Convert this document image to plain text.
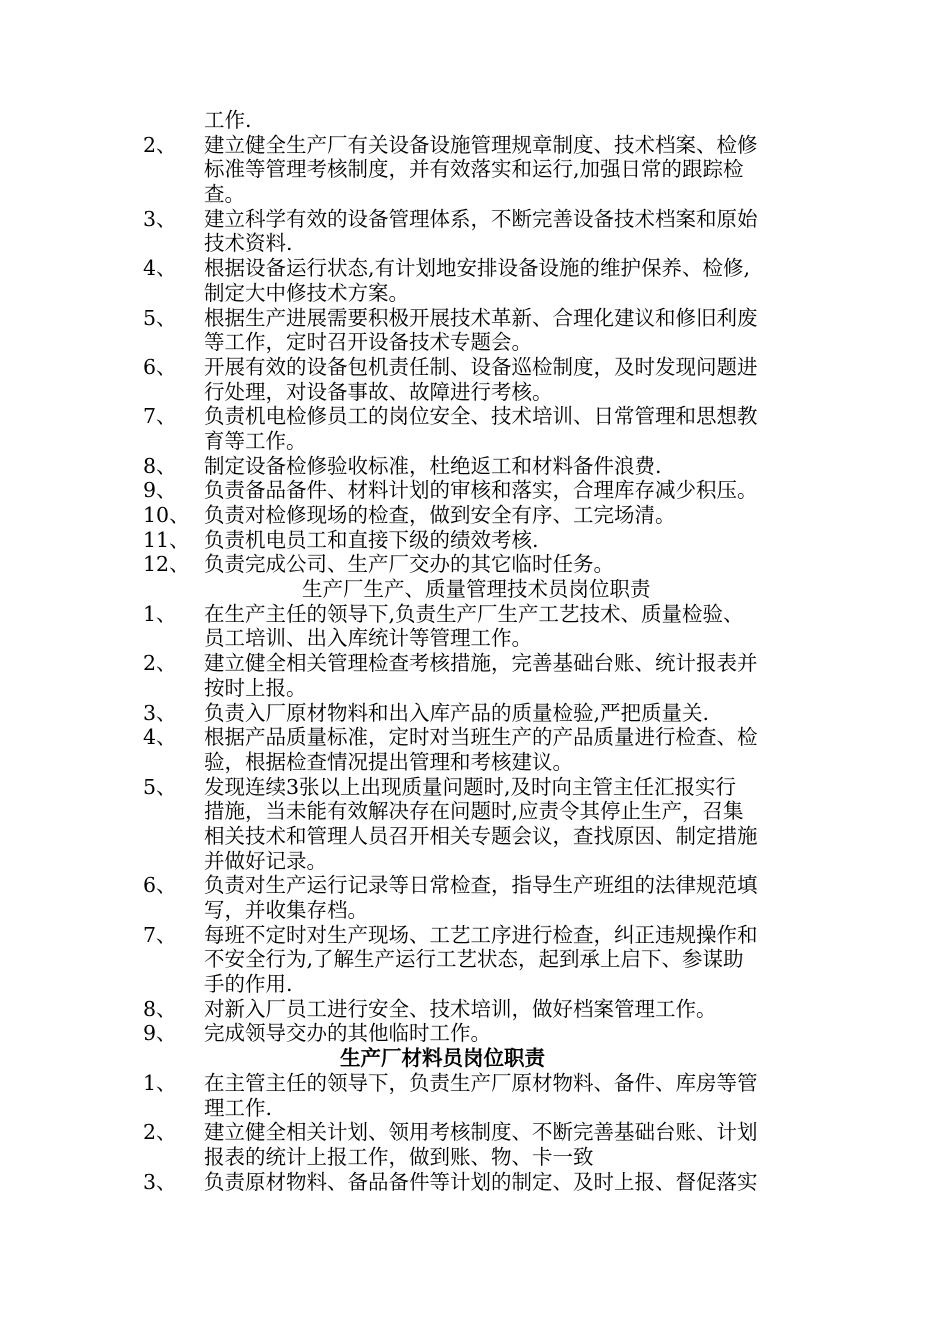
工作.
2、 建立健全生产厂有关设备设施管理规章制度、技术档案、检修
标准等管理考核制度，并有效落实和运行,加强日常的跟踪检
查。
3、 建立科学有效的设备管理体系，不断完善设备技术档案和原始
技术资料.
4、 根据设备运行状态,有计划地安排设备设施的维护保养、检修,
制定大中修技术方案。
5、 根据生产进展需要积极开展技术革新、合理化建议和修旧利废
等工作，定时召开设备技术专题会。
6、 开展有效的设备包机责任制、设备巡检制度，及时发现问题进
行处理，对设备事故、故障进行考核。
7、 负责机电检修员工的岗位安全、技术培训、日常管理和思想教
育等工作。
8、 制定设备检修验收标准，杜绝返工和材料备件浪费.
9、 负责备品备件、材料计划的审核和落实，合理库存减少积压。
10、 负责对检修现场的检查，做到安全有序、工完场清。
11、 负责机电员工和直接下级的绩效考核.
12、 负责完成公司、生产厂交办的其它临时任务。
生产厂生产、质量管理技术员岗位职责
1、 在生产主任的领导下,负责生产厂生产工艺技术、质量检验、
员工培训、出入库统计等管理工作。
2、 建立健全相关管理检查考核措施，完善基础台账、统计报表并
按时上报。
3、 负责入厂原材物料和出入库产品的质量检验,严把质量关.
4、 根据产品质量标准，定时对当班生产的产品质量进行检查、检
验，根据检查情况提出管理和考核建议。
5、 发现连续3张以上出现质量问题时,及时向主管主任汇报实行
措施，当未能有效解决存在问题时,应责令其停止生产，召集
相关技术和管理人员召开相关专题会议，查找原因、制定措施
并做好记录。
6、 负责对生产运行记录等日常检查，指导生产班组的法律规范填
写，并收集存档。
7、 每班不定时对生产现场、工艺工序进行检查，纠正违规操作和
不安全行为,了解生产运行工艺状态，起到承上启下、参谋助
手的作用.
8、 对新入厂员工进行安全、技术培训，做好档案管理工作。
9、 完成领导交办的其他临时工作。
生产厂材料员岗位职责
1、 在主管主任的领导下，负责生产厂原材物料、备件、库房等管
理工作.
2、 建立健全相关计划、领用考核制度、不断完善基础台账、计划
报表的统计上报工作，做到账、物、卡一致
3、 负责原材物料、备品备件等计划的制定、及时上报、督促落实
